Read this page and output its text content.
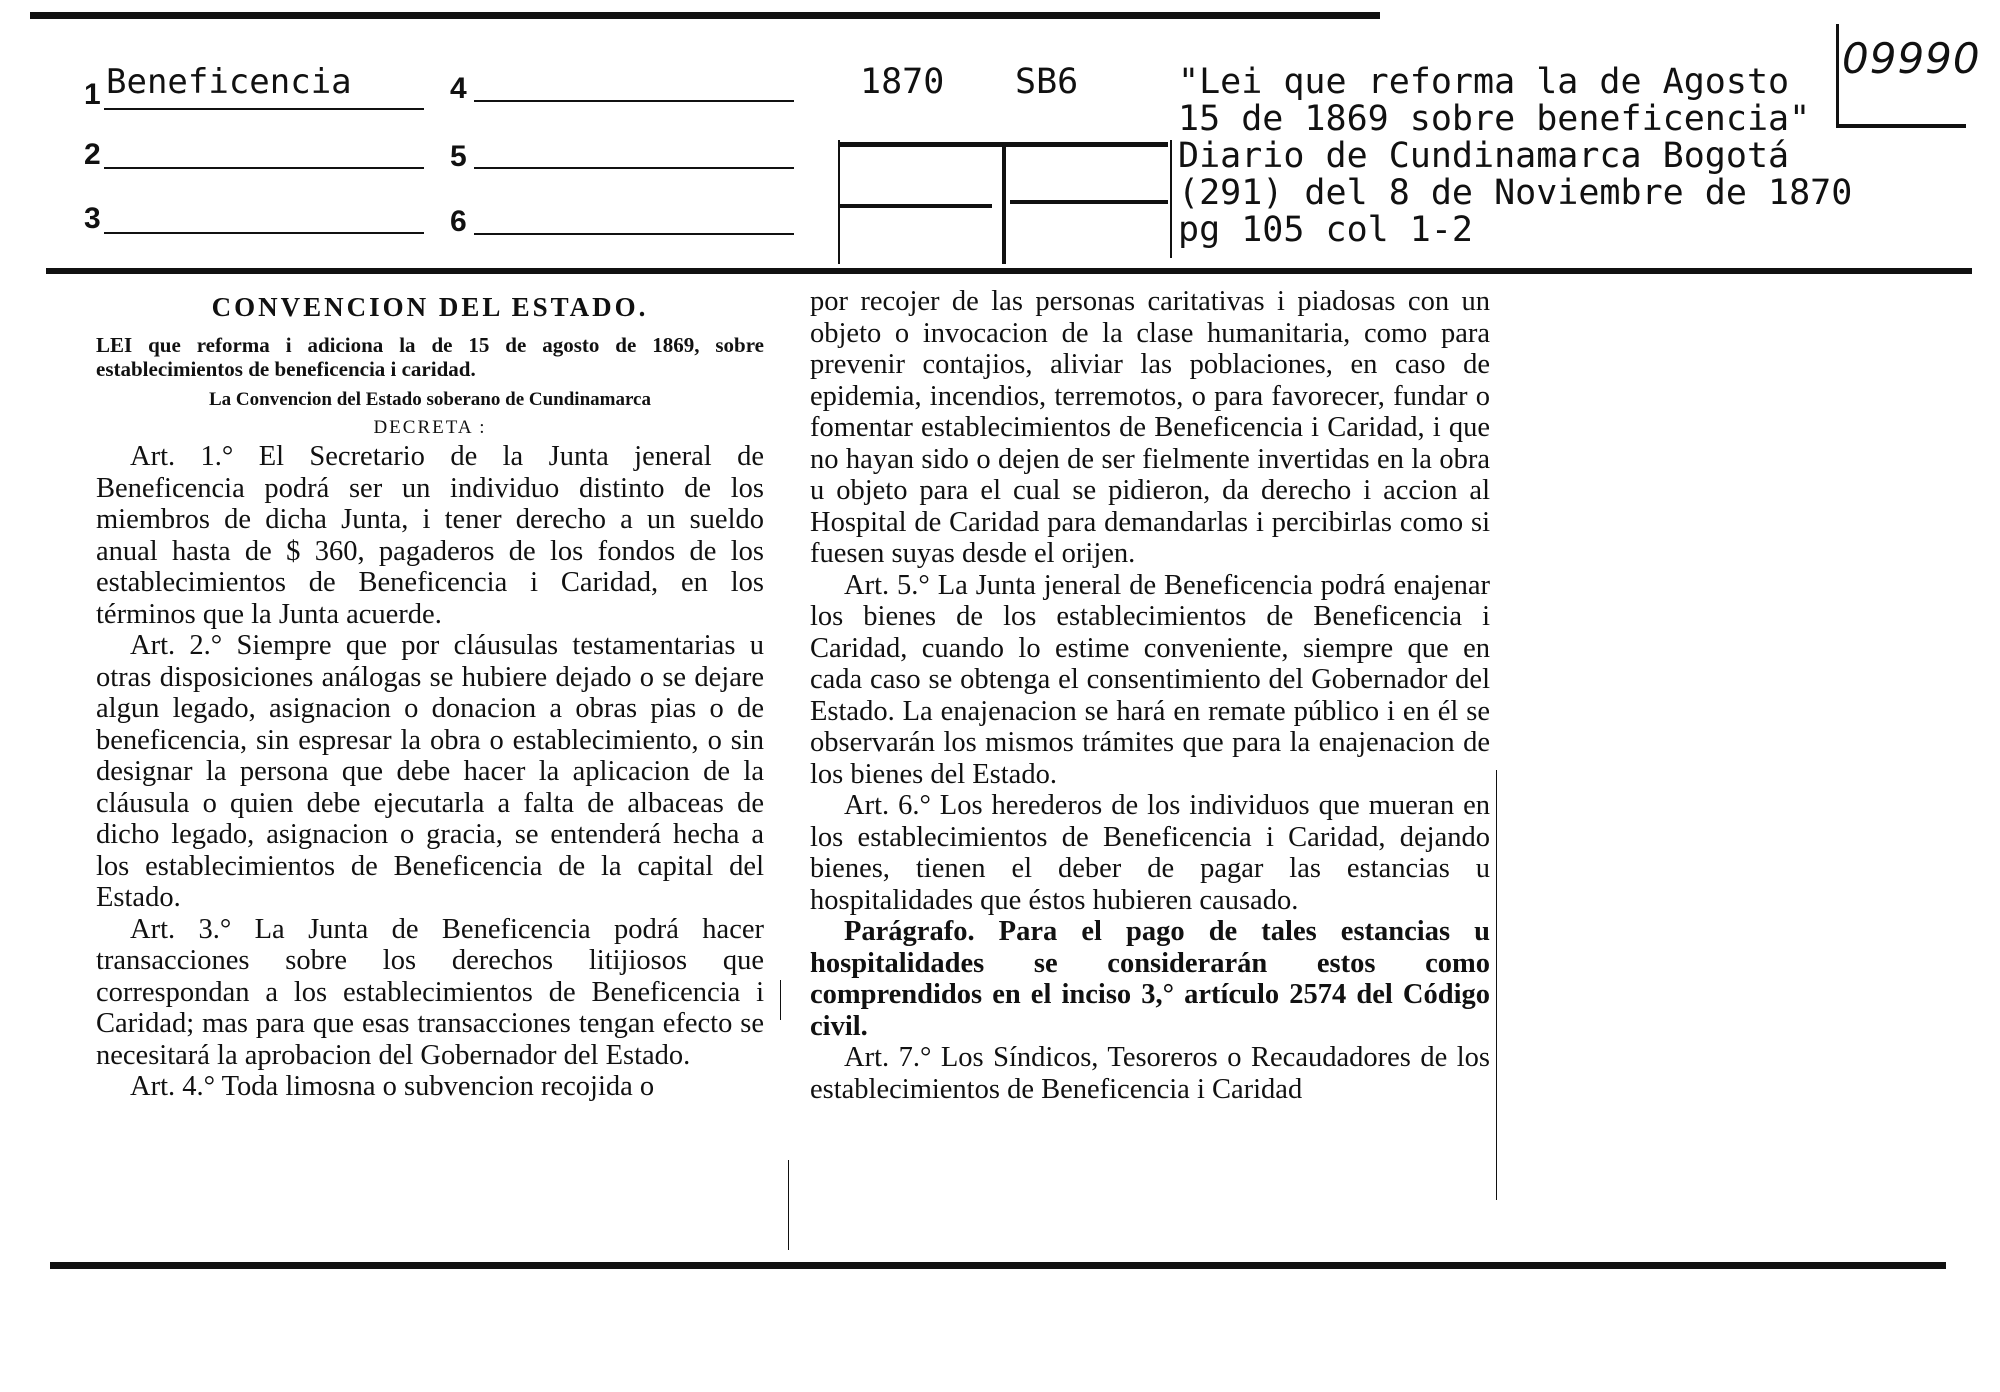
1 Beneficencia
2
3
4
5
6
1870 SB6	"Lei que reforma la de Agosto
15 de 1869 sobre beneficencia"
Diario de Cundinamarca Bogotá
(291) del 8 de Noviembre de 1870
pg 105 col 1-2
09990
CONVENCION DEL ESTADO.
LEI que reforma i adiciona la de 15 de agosto de 1869, sobre establecimientos de beneficencia i caridad.
La Convencion del Estado soberano de Cundinamarca
DECRETA :

Art. 1.° El Secretario de la Junta jeneral de Beneficencia podrá ser un individuo distinto de los miembros de dicha Junta, i tener derecho a un sueldo anual hasta de $ 360, pagaderos de los fondos de los establecimientos de Beneficencia i Caridad, en los términos que la Junta acuerde.

Art. 2.° Siempre que por cláusulas testamentarias u otras disposiciones análogas se hubiere dejado o se dejare algun legado, asignacion o donacion a obras pias o de beneficencia, sin espresar la obra o establecimiento, o sin designar la persona que debe hacer la aplicacion de la cláusula o quien debe ejecutarla a falta de albaceas de dicho legado, asignacion o gracia, se entenderá hecha a los establecimientos de Beneficencia de la capital del Estado.

Art. 3.° La Junta de Beneficencia podrá hacer transacciones sobre los derechos litijiosos que correspondan a los establecimientos de Beneficencia i Caridad; mas para que esas transacciones tengan efecto se necesitará la aprobacion del Gobernador del Estado.

Art. 4.° Toda limosna o subvencion recojida o

por recojer de las personas caritativas i piadosas con un objeto o invocacion de la clase humanitaria, como para prevenir contajios, aliviar las poblaciones, en caso de epidemia, incendios, terremotos, o para favorecer, fundar o fomentar establecimientos de Beneficencia i Caridad, i que no hayan sido o dejen de ser fielmente invertidas en la obra u objeto para el cual se pidieron, da derecho i accion al Hospital de Caridad para demandarlas i percibirlas como si fuesen suyas desde el orijen.

Art. 5.° La Junta jeneral de Beneficencia podrá enajenar los bienes de los establecimientos de Beneficencia i Caridad, cuando lo estime conveniente, siempre que en cada caso se obtenga el consentimiento del Gobernador del Estado. La enajenacion se hará en remate público i en él se observarán los mismos trámites que para la enajenacion de los bienes del Estado.

Art. 6.° Los herederos de los individuos que mueran en los establecimientos de Beneficencia i Caridad, dejando bienes, tienen el deber de pagar las estancias u hospitalidades que éstos hubieren causado.

Parágrafo. Para el pago de tales estancias u hospitalidades se considerarán estos como comprendidos en el inciso 3,° artículo 2574 del Código civil.

Art. 7.° Los Síndicos, Tesoreros o Recaudadores de los establecimientos de Beneficencia i Caridad
